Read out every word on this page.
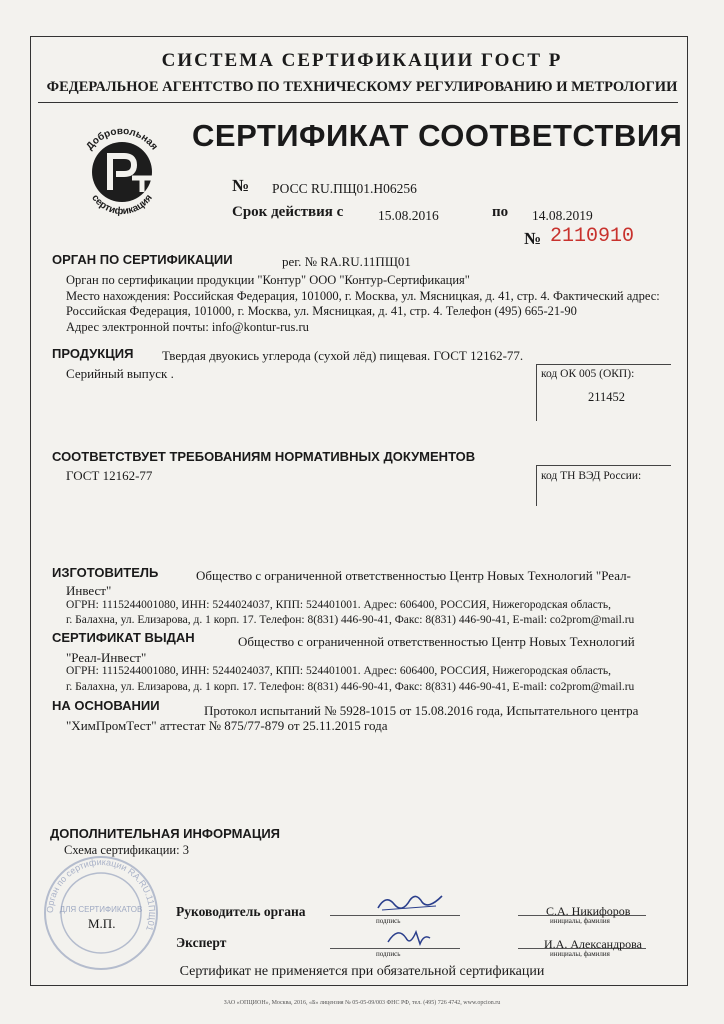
СИСТЕМА СЕРТИФИКАЦИИ ГОСТ Р
ФЕДЕРАЛЬНОЕ АГЕНТСТВО ПО ТЕХНИЧЕСКОМУ РЕГУЛИРОВАНИЮ И МЕТРОЛОГИИ
Добровольная
сертификация
СЕРТИФИКАТ СООТВЕТСТВИЯ
№ РОСС RU.ПЩ01.Н06256
Срок действия с	15.08.2016	по 14.08.2019
№ 2110910
ОРГАН ПО СЕРТИФИКАЦИИ	рег. № RA.RU.11ПЩ01
Орган по сертификации продукции "Контур" ООО "Контур-Сертификация"
Место нахождения: Российская Федерация, 101000, г. Москва, ул. Мясницкая, д. 41, стр. 4. Фактический адрес:
Российская Федерация, 101000, г. Москва, ул. Мясницкая, д. 41, стр. 4. Телефон (495) 665-21-90
Адрес электронной почты: info@kontur-rus.ru
ПРОДУКЦИЯ Твердая двуокись углерода (сухой лёд) пищевая. ГОСТ 12162-77.
Серийный выпуск .	код ОК 005 (ОКП):
211452
СООТВЕТСТВУЕТ ТРЕБОВАНИЯМ НОРМАТИВНЫХ ДОКУМЕНТОВ
ГОСТ 12162-77	код ТН ВЭД России:
ИЗГОТОВИТЕЛЬ	Общество с ограниченной ответственностью Центр Новых Технологий "Реал-
Инвест"
ОГРН: 1115244001080, ИНН: 5244024037, КПП: 524401001. Адрес: 606400, РОССИЯ, Нижегородская область,
г. Балахна, ул. Елизарова, д. 1 корп. 17. Телефон: 8(831) 446-90-41, Факс: 8(831) 446-90-41, E-mail: co2prom@mail.ru
СЕРТИФИКАТ ВЫДАН	Общество с ограниченной ответственностью Центр Новых Технологий
"Реал-Инвест"
ОГРН: 1115244001080, ИНН: 5244024037, КПП: 524401001. Адрес: 606400, РОССИЯ, Нижегородская область,
г. Балахна, ул. Елизарова, д. 1 корп. 17. Телефон: 8(831) 446-90-41, Факс: 8(831) 446-90-41, E-mail: co2prom@mail.ru
НА ОСНОВАНИИ	Протокол испытаний № 5928-1015 от 15.08.2016 года, Испытательного центра
"ХимПромТест" аттестат № 875/77-879 от 25.11.2015 года
ДОПОЛНИТЕЛЬНАЯ ИНФОРМАЦИЯ
Схема сертификации: 3
Орган по сертификации RA.RU.11ПЩ01
ДЛЯ СЕРТИФИКАТОВ
М.П.
Руководитель органа
подпись
С.А. Никифоров
инициалы, фамилия
Эксперт
подпись
И.А. Александрова
инициалы, фамилия
Сертификат не применяется при обязательной сертификации
ЗАО «ОПЦИОН», Москва, 2016, «Б» лицензия № 05-05-09/003 ФНС РФ, тел. (495) 726 4742, www.opcion.ru
